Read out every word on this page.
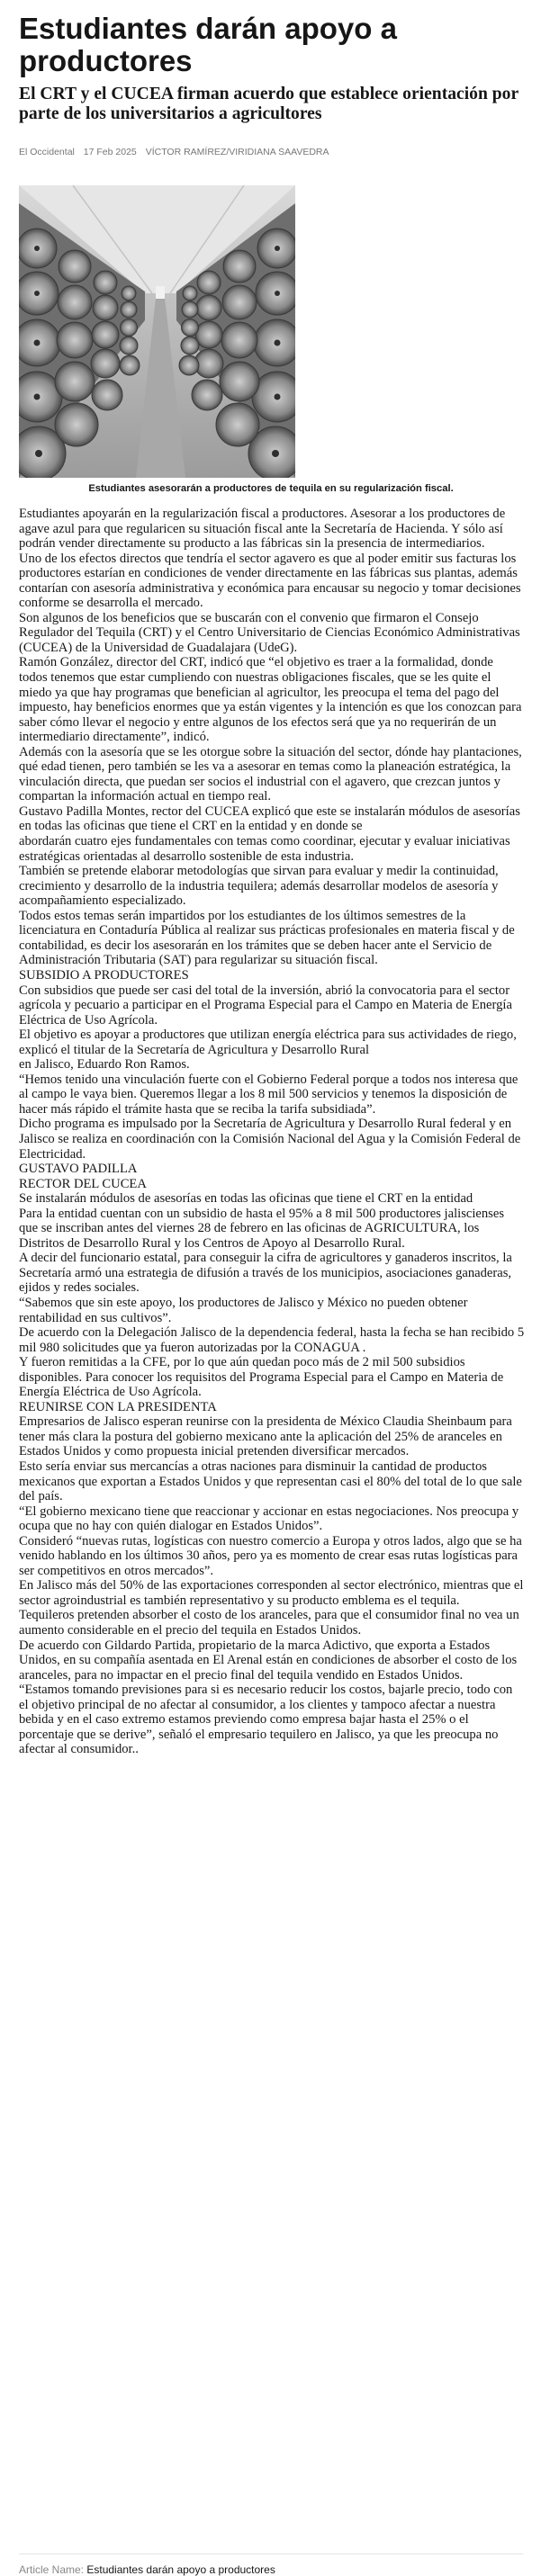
Estudiantes darán apoyo a productores
El CRT y el CUCEA firman acuerdo que establece orientación por parte de los universitarios a agricultores
El Occidental 17 Feb 2025 VÍCTOR RAMÍREZ/VIRIDIANA SAAVEDRA

Estudiantes asesorarán a productores de tequila en su regularización fiscal.

Estudiantes apoyarán en la regularización fiscal a productores. Asesorar a los productores de agave azul para que regularicen su situación fiscal ante la Secretaría de Hacienda. Y sólo así podrán vender directamente su producto a las fábricas sin la presencia de intermediarios.

Uno de los efectos directos que tendría el sector agavero es que al poder emitir sus facturas los productores estarían en condiciones de vender directamente en las fábricas sus plantas, además contarían con asesoría administrativa y económica para encausar su negocio y tomar decisiones conforme se desarrolla el mercado.

Son algunos de los beneficios que se buscarán con el convenio que firmaron el Consejo Regulador del Tequila (CRT) y el Centro Universitario de Ciencias Económico Administrativas (CUCEA) de la Universidad de Guadalajara (UdeG).

Ramón González, director del CRT, indicó que “el objetivo es traer a la formalidad, donde todos tenemos que estar cumpliendo con nuestras obligaciones fiscales, que se les quite el miedo ya que hay programas que benefician al agricultor, les preocupa el tema del pago del impuesto, hay beneficios enormes que ya están vigentes y la intención es que los conozcan para saber cómo llevar el negocio y entre algunos de los efectos será que ya no requerirán de un intermediario directamente”, indicó.

Además con la asesoría que se les otorgue sobre la situación del sector, dónde hay plantaciones, qué edad tienen, pero también se les va a asesorar en temas como la planeación estratégica, la vinculación directa, que puedan ser socios el industrial con el agavero, que crezcan juntos y compartan la información actual en tiempo real.

Gustavo Padilla Montes, rector del CUCEA explicó que este se instalarán módulos de asesorías en todas las oficinas que tiene el CRT en la entidad y en donde se

abordarán cuatro ejes fundamentales con temas como coordinar, ejecutar y evaluar iniciativas estratégicas orientadas al desarrollo sostenible de esta industria.

También se pretende elaborar metodologías que sirvan para evaluar y medir la continuidad, crecimiento y desarrollo de la industria tequilera; además desarrollar modelos de asesoría y acompañamiento especializado.

Todos estos temas serán impartidos por los estudiantes de los últimos semestres de la licenciatura en Contaduría Pública al realizar sus prácticas profesionales en materia fiscal y de contabilidad, es decir los asesorarán en los trámites que se deben hacer ante el Servicio de Administración Tributaria (SAT) para regularizar su situación fiscal.

SUBSIDIO A PRODUCTORES

Con subsidios que puede ser casi del total de la inversión, abrió la convocatoria para el sector agrícola y pecuario a participar en el Programa Especial para el Campo en Materia de Energía Eléctrica de Uso Agrícola.

El objetivo es apoyar a productores que utilizan energía eléctrica para sus actividades de riego, explicó el titular de la Secretaría de Agricultura y Desarrollo Rural

en Jalisco, Eduardo Ron Ramos.

“Hemos tenido una vinculación fuerte con el Gobierno Federal porque a todos nos interesa que al campo le vaya bien. Queremos llegar a los 8 mil 500 servicios y tenemos la disposición de hacer más rápido el trámite hasta que se reciba la tarifa subsidiada”.

Dicho programa es impulsado por la Secretaría de Agricultura y Desarrollo Rural federal y en Jalisco se realiza en coordinación con la Comisión Nacional del Agua y la Comisión Federal de Electricidad.

GUSTAVO PADILLA

RECTOR DEL CUCEA

Se instalarán módulos de asesorías en todas las oficinas que tiene el CRT en la entidad

Para la entidad cuentan con un subsidio de hasta el 95% a 8 mil 500 productores jaliscienses que se inscriban antes del viernes 28 de febrero en las oficinas de AGRICULTURA, los Distritos de Desarrollo Rural y los Centros de Apoyo al Desarrollo Rural.

A decir del funcionario estatal, para conseguir la cifra de agricultores y ganaderos inscritos, la Secretaría armó una estrategia de difusión a través de los municipios, asociaciones ganaderas, ejidos y redes sociales.

“Sabemos que sin este apoyo, los productores de Jalisco y México no pueden obtener rentabilidad en sus cultivos”.

De acuerdo con la Delegación Jalisco de la dependencia federal, hasta la fecha se han recibido 5 mil 980 solicitudes que ya fueron autorizadas por la CONAGUA .

Y fueron remitidas a la CFE, por lo que aún quedan poco más de 2 mil 500 subsidios disponibles. Para conocer los requisitos del Programa Especial para el Campo en Materia de Energía Eléctrica de Uso Agrícola.

REUNIRSE CON LA PRESIDENTA

Empresarios de Jalisco esperan reunirse con la presidenta de México Claudia Sheinbaum para tener más clara la postura del gobierno mexicano ante la aplicación del 25% de aranceles en Estados Unidos y como propuesta inicial pretenden diversificar mercados.

Esto sería enviar sus mercancías a otras naciones para disminuir la cantidad de productos mexicanos que exportan a Estados Unidos y que representan casi el 80% del total de lo que sale del país.

“El gobierno mexicano tiene que reaccionar y accionar en estas negociaciones. Nos preocupa y ocupa que no hay con quién dialogar en Estados Unidos”.

Consideró “nuevas rutas, logísticas con nuestro comercio a Europa y otros lados, algo que se ha venido hablando en los últimos 30 años, pero ya es momento de crear esas rutas logísticas para ser competitivos en otros mercados”.

En Jalisco más del 50% de las exportaciones corresponden al sector electrónico, mientras que el sector agroindustrial es también representativo y su producto emblema es el tequila.

Tequileros pretenden absorber el costo de los aranceles, para que el consumidor final no vea un aumento considerable en el precio del tequila en Estados Unidos.

De acuerdo con Gildardo Partida, propietario de la marca Adictivo, que exporta a Estados Unidos, en su compañía asentada en El Arenal están en condiciones de absorber el costo de los aranceles, para no impactar en el precio final del tequila vendido en Estados Unidos.

“Estamos tomando previsiones para si es necesario reducir los costos, bajarle precio, todo con el objetivo principal de no afectar al consumidor, a los clientes y tampoco afectar a nuestra bebida y en el caso extremo estamos previendo como empresa bajar hasta el 25% o el porcentaje que se derive”, señaló el empresario tequilero en Jalisco, ya que les preocupa no afectar al consumidor..

Article Name: Estudiantes darán apoyo a productores
